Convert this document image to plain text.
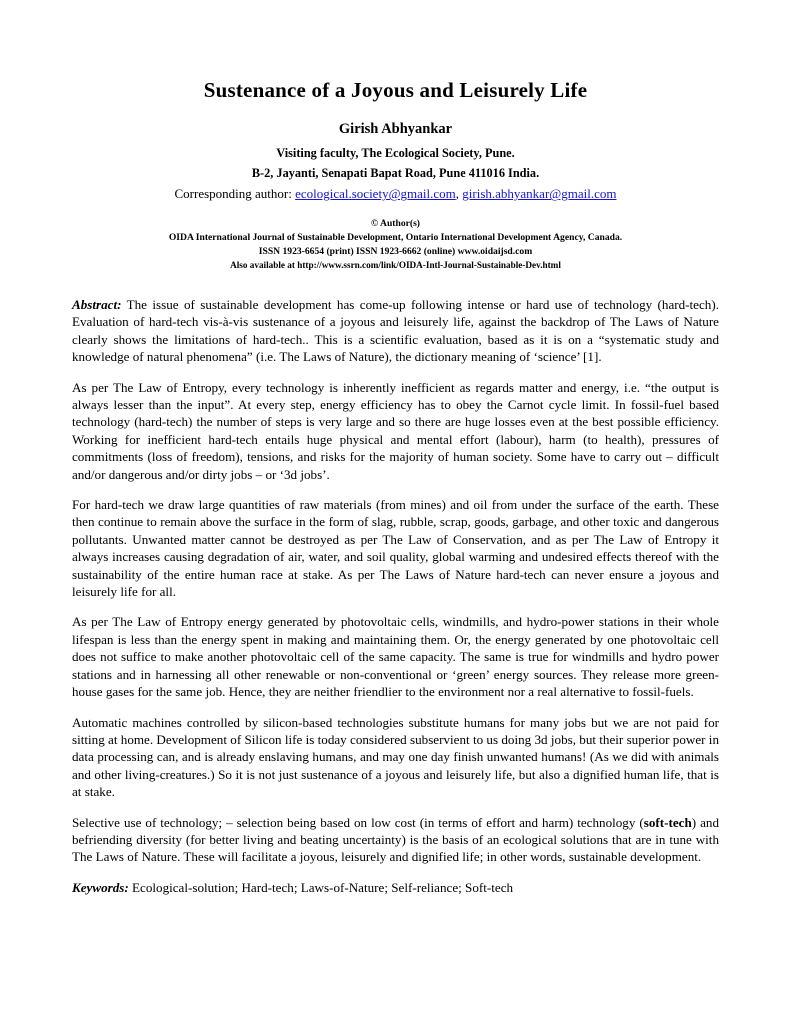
Sustenance of a Joyous and Leisurely Life
Girish Abhyankar
Visiting faculty, The Ecological Society, Pune.
B-2, Jayanti, Senapati Bapat Road, Pune 411016 India.
Corresponding author: ecological.society@gmail.com, girish.abhyankar@gmail.com
© Author(s)
OIDA International Journal of Sustainable Development, Ontario International Development Agency, Canada.
ISSN 1923-6654 (print) ISSN 1923-6662 (online) www.oidaijsd.com
Also available at http://www.ssrn.com/link/OIDA-Intl-Journal-Sustainable-Dev.html

Abstract: The issue of sustainable development has come-up following intense or hard use of technology (hard-tech). Evaluation of hard-tech vis-à-vis sustenance of a joyous and leisurely life, against the backdrop of The Laws of Nature clearly shows the limitations of hard-tech.. This is a scientific evaluation, based as it is on a “systematic study and knowledge of natural phenomena” (i.e. The Laws of Nature), the dictionary meaning of ‘science’ [1].

As per The Law of Entropy, every technology is inherently inefficient as regards matter and energy, i.e. “the output is always lesser than the input”. At every step, energy efficiency has to obey the Carnot cycle limit. In fossil-fuel based technology (hard-tech) the number of steps is very large and so there are huge losses even at the best possible efficiency. Working for inefficient hard-tech entails huge physical and mental effort (labour), harm (to health), pressures of commitments (loss of freedom), tensions, and risks for the majority of human society. Some have to carry out – difficult and/or dangerous and/or dirty jobs – or ‘3d jobs’.

For hard-tech we draw large quantities of raw materials (from mines) and oil from under the surface of the earth. These then continue to remain above the surface in the form of slag, rubble, scrap, goods, garbage, and other toxic and dangerous pollutants. Unwanted matter cannot be destroyed as per The Law of Conservation, and as per The Law of Entropy it always increases causing degradation of air, water, and soil quality, global warming and undesired effects thereof with the sustainability of the entire human race at stake. As per The Laws of Nature hard-tech can never ensure a joyous and leisurely life for all.

As per The Law of Entropy energy generated by photovoltaic cells, windmills, and hydro-power stations in their whole lifespan is less than the energy spent in making and maintaining them. Or, the energy generated by one photovoltaic cell does not suffice to make another photovoltaic cell of the same capacity. The same is true for windmills and hydro power stations and in harnessing all other renewable or non-conventional or ‘green’ energy sources. They release more green-house gases for the same job. Hence, they are neither friendlier to the environment nor a real alternative to fossil-fuels.

Automatic machines controlled by silicon-based technologies substitute humans for many jobs but we are not paid for sitting at home. Development of Silicon life is today considered subservient to us doing 3d jobs, but their superior power in data processing can, and is already enslaving humans, and may one day finish unwanted humans! (As we did with animals and other living-creatures.) So it is not just sustenance of a joyous and leisurely life, but also a dignified human life, that is at stake.

Selective use of technology; – selection being based on low cost (in terms of effort and harm) technology (soft-tech) and befriending diversity (for better living and beating uncertainty) is the basis of an ecological solutions that are in tune with The Laws of Nature. These will facilitate a joyous, leisurely and dignified life; in other words, sustainable development.

Keywords: Ecological-solution; Hard-tech; Laws-of-Nature; Self-reliance; Soft-tech
